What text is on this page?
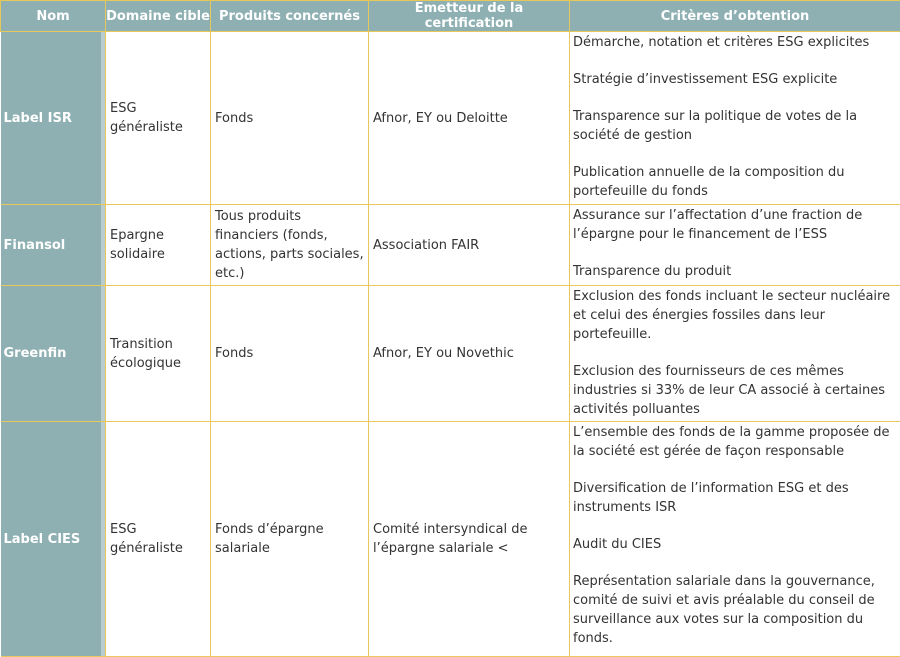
Nom	Domaine cible	Produits concernés	Emetteur de la certification	Critères d’obtention
Label ISR	ESG généraliste	Fonds	Afnor, EY ou Deloitte	Démarche, notation et critères ESG explicites

Stratégie d’investissement ESG explicite

Transparence sur la politique de votes de la société de gestion

Publication annuelle de la composition du portefeuille du fonds

Finansol	Epargne solidaire	Tous produits financiers (fonds, actions, parts sociales, etc.)	Association FAIR	Assurance sur l’affectation d’une fraction de l’épargne pour le financement de l’ESS

Transparence du produit

Greenfin	Transition écologique	Fonds	Afnor, EY ou Novethic	Exclusion des fonds incluant le secteur nucléaire et celui des énergies fossiles dans leur portefeuille.

Exclusion des fournisseurs de ces mêmes industries si 33% de leur CA associé à certaines activités polluantes

Label CIES	ESG généraliste	Fonds d’épargne salariale	Comité intersyndical de l’épargne salariale <	L’ensemble des fonds de la gamme proposée de la société est gérée de façon responsable

Diversification de l’information ESG et des instruments ISR

Audit du CIES

Représentation salariale dans la gouvernance, comité de suivi et avis préalable du conseil de surveillance aux votes sur la composition du fonds.
